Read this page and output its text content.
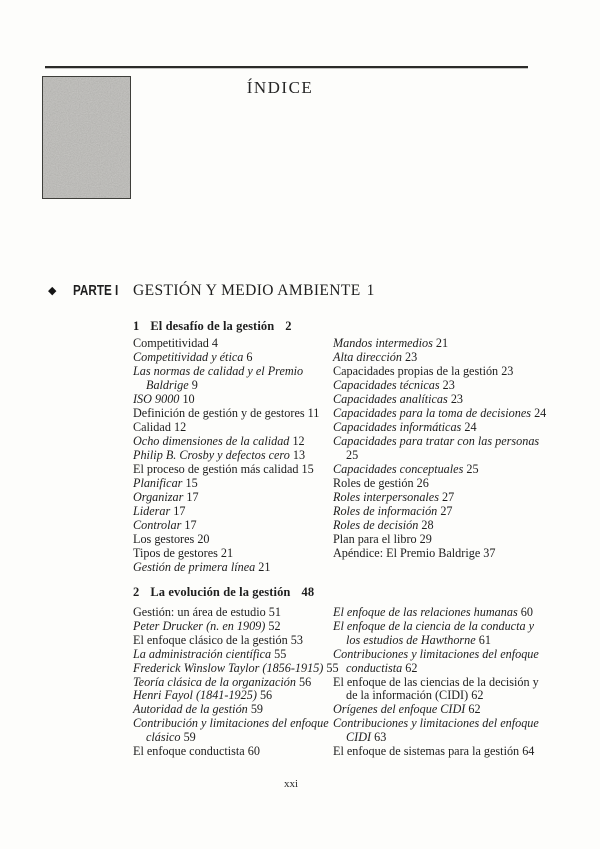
ÍNDICE
◆ PARTE I GESTIÓN Y MEDIO AMBIENTE 1
1 El desafío de la gestión 2
Competitividad 4
Competitividad y ética 6
Las normas de calidad y el Premio
Baldrige 9
ISO 9000 10
Definición de gestión y de gestores 11
Calidad 12
Ocho dimensiones de la calidad 12
Philip B. Crosby y defectos cero 13
El proceso de gestión más calidad 15
Planificar 15
Organizar 17
Liderar 17
Controlar 17
Los gestores 20
Tipos de gestores 21
Gestión de primera línea 21
Mandos intermedios 21
Alta dirección 23
Capacidades propias de la gestión 23
Capacidades técnicas 23
Capacidades analíticas 23
Capacidades para la toma de decisiones 24
Capacidades informáticas 24
Capacidades para tratar con las personas
25
Capacidades conceptuales 25
Roles de gestión 26
Roles interpersonales 27
Roles de información 27
Roles de decisión 28
Plan para el libro 29
Apéndice: El Premio Baldrige 37
2 La evolución de la gestión 48
Gestión: un área de estudio 51
Peter Drucker (n. en 1909) 52
El enfoque clásico de la gestión 53
La administración científica 55
Frederick Winslow Taylor (1856-1915) 55
Teoría clásica de la organización 56
Henri Fayol (1841-1925) 56
Autoridad de la gestión 59
Contribución y limitaciones del enfoque
clásico 59
El enfoque conductista 60
El enfoque de las relaciones humanas 60
El enfoque de la ciencia de la conducta y
los estudios de Hawthorne 61
Contribuciones y limitaciones del enfoque
conductista 62
El enfoque de las ciencias de la decisión y
de la información (CIDI) 62
Orígenes del enfoque CIDI 62
Contribuciones y limitaciones del enfoque
CIDI 63
El enfoque de sistemas para la gestión 64
xxi
